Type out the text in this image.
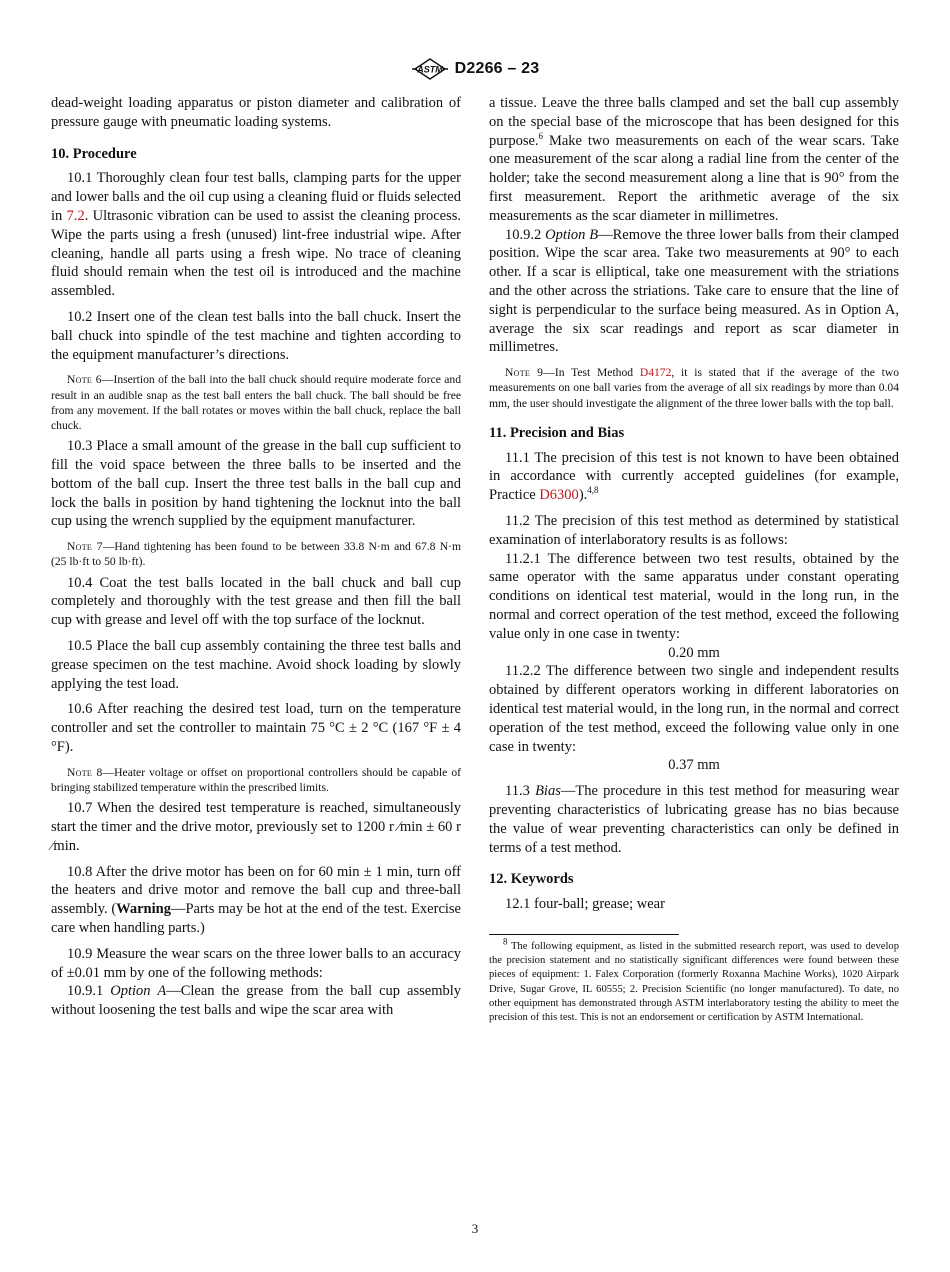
ASTM D2266 – 23

dead-weight loading apparatus or piston diameter and calibration of pressure gauge with pneumatic loading systems.

10. Procedure

10.1 Thoroughly clean four test balls, clamping parts for the upper and lower balls and the oil cup using a cleaning fluid or fluids selected in 7.2. Ultrasonic vibration can be used to assist the cleaning process. Wipe the parts using a fresh (unused) lint-free industrial wipe. After cleaning, handle all parts using a fresh wipe. No trace of cleaning fluid should remain when the test oil is introduced and the machine assembled.

10.2 Insert one of the clean test balls into the ball chuck. Insert the ball chuck into spindle of the test machine and tighten according to the equipment manufacturer’s directions.

Note 6—Insertion of the ball into the ball chuck should require moderate force and result in an audible snap as the test ball enters the ball chuck. The ball should be free from any movement. If the ball rotates or moves within the ball chuck, replace the ball chuck.

10.3 Place a small amount of the grease in the ball cup sufficient to fill the void space between the three balls to be inserted and the bottom of the ball cup. Insert the three test balls in the ball cup and lock the balls in position by hand tightening the locknut into the ball cup using the wrench supplied by the equipment manufacturer.

Note 7—Hand tightening has been found to be between 33.8 N·m and 67.8 N·m (25 lb·ft to 50 lb·ft).

10.4 Coat the test balls located in the ball chuck and ball cup completely and thoroughly with the test grease and then fill the ball cup with grease and level off with the top surface of the locknut.

10.5 Place the ball cup assembly containing the three test balls and grease specimen on the test machine. Avoid shock loading by slowly applying the test load.

10.6 After reaching the desired test load, turn on the temperature controller and set the controller to maintain 75 °C ± 2 °C (167 °F ± 4 °F).

Note 8—Heater voltage or offset on proportional controllers should be capable of bringing stabilized temperature within the prescribed limits.

10.7 When the desired test temperature is reached, simultaneously start the timer and the drive motor, previously set to 1200 r ⁄min ± 60 r ⁄min.

10.8 After the drive motor has been on for 60 min ± 1 min, turn off the heaters and drive motor and remove the ball cup and three-ball assembly. (Warning—Parts may be hot at the end of the test. Exercise care when handling parts.)

10.9 Measure the wear scars on the three lower balls to an accuracy of ±0.01 mm by one of the following methods:

10.9.1 Option A—Clean the grease from the ball cup assembly without loosening the test balls and wipe the scar area with

a tissue. Leave the three balls clamped and set the ball cup assembly on the special base of the microscope that has been designed for this purpose.$^6$ Make two measurements on each of the wear scars. Take one measurement of the scar along a radial line from the center of the holder; take the second measurement along a line that is 90° from the first measurement. Report the arithmetic average of the six measurements as the scar diameter in millimetres.

10.9.2 Option B—Remove the three lower balls from their clamped position. Wipe the scar area. Take two measurements at 90° to each other. If a scar is elliptical, take one measurement with the striations and the other across the striations. Take care to ensure that the line of sight is perpendicular to the surface being measured. As in Option A, average the six scar readings and report as scar diameter in millimetres.

Note 9—In Test Method D4172, it is stated that if the average of the two measurements on one ball varies from the average of all six readings by more than 0.04 mm, the user should investigate the alignment of the three lower balls with the top ball.

11. Precision and Bias

11.1 The precision of this test is not known to have been obtained in accordance with currently accepted guidelines (for example, Practice D6300).$^{4,8}$

11.2 The precision of this test method as determined by statistical examination of interlaboratory results is as follows:

11.2.1 The difference between two test results, obtained by the same operator with the same apparatus under constant operating conditions on identical test material, would in the long run, in the normal and correct operation of the test method, exceed the following value only in one case in twenty:

0.20 mm

11.2.2 The difference between two single and independent results obtained by different operators working in different laboratories on identical test material would, in the long run, in the normal and correct operation of the test method, exceed the following value only in one case in twenty:

0.37 mm

11.3 Bias—The procedure in this test method for measuring wear preventing characteristics of lubricating grease has no bias because the value of wear preventing characteristics can only be defined in terms of a test method.

12. Keywords

12.1 four-ball; grease; wear

$^8$ The following equipment, as listed in the submitted research report, was used to develop the precision statement and no statistically significant differences were found between these pieces of equipment: 1. Falex Corporation (formerly Roxanna Machine Works), 1020 Airpark Drive, Sugar Grove, IL 60555; 2. Precision Scientific (no longer manufactured). To date, no other equipment has demonstrated through ASTM interlaboratory testing the ability to meet the precision of this test. This is not an endorsement or certification by ASTM International.

3
